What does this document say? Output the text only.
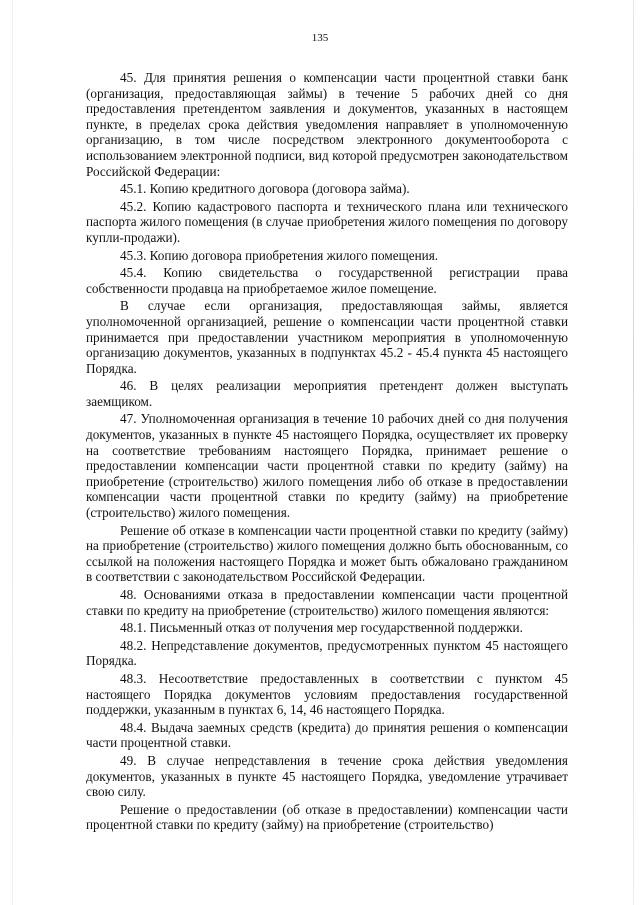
135

45. Для принятия решения о компенсации части процентной ставки банк (организация, предоставляющая займы) в течение 5 рабочих дней со дня предоставления претендентом заявления и документов, указанных в настоящем пункте, в пределах срока действия уведомления направляет в уполномоченную организацию, в том числе посредством электронного документооборота с использованием электронной подписи, вид которой предусмотрен законодательством Российской Федерации:

45.1. Копию кредитного договора (договора займа).

45.2. Копию кадастрового паспорта и технического плана или технического паспорта жилого помещения (в случае приобретения жилого помещения по договору купли-продажи).

45.3. Копию договора приобретения жилого помещения.

45.4. Копию свидетельства о государственной регистрации права собственности продавца на приобретаемое жилое помещение.

В случае если организация, предоставляющая займы, является уполномоченной организацией, решение о компенсации части процентной ставки принимается при предоставлении участником мероприятия в уполномоченную организацию документов, указанных в подпунктах 45.2 - 45.4 пункта 45 настоящего Порядка.

46. В целях реализации мероприятия претендент должен выступать заемщиком.

47. Уполномоченная организация в течение 10 рабочих дней со дня получения документов, указанных в пункте 45 настоящего Порядка, осуществляет их проверку на соответствие требованиям настоящего Порядка, принимает решение о предоставлении компенсации части процентной ставки по кредиту (займу) на приобретение (строительство) жилого помещения либо об отказе в предоставлении компенсации части процентной ставки по кредиту (займу) на приобретение (строительство) жилого помещения.

Решение об отказе в компенсации части процентной ставки по кредиту (займу) на приобретение (строительство) жилого помещения должно быть обоснованным, со ссылкой на положения настоящего Порядка и может быть обжаловано гражданином в соответствии с законодательством Российской Федерации.

48. Основаниями отказа в предоставлении компенсации части процентной ставки по кредиту на приобретение (строительство) жилого помещения являются:

48.1. Письменный отказ от получения мер государственной поддержки.

48.2. Непредставление документов, предусмотренных пунктом 45 настоящего Порядка.

48.3. Несоответствие предоставленных в соответствии с пунктом 45 настоящего Порядка документов условиям предоставления государственной поддержки, указанным в пунктах 6, 14, 46 настоящего Порядка.

48.4. Выдача заемных средств (кредита) до принятия решения о компенсации части процентной ставки.

49. В случае непредставления в течение срока действия уведомления документов, указанных в пункте 45 настоящего Порядка, уведомление утрачивает свою силу.

Решение о предоставлении (об отказе в предоставлении) компенсации части процентной ставки по кредиту (займу) на приобретение (строительство)
